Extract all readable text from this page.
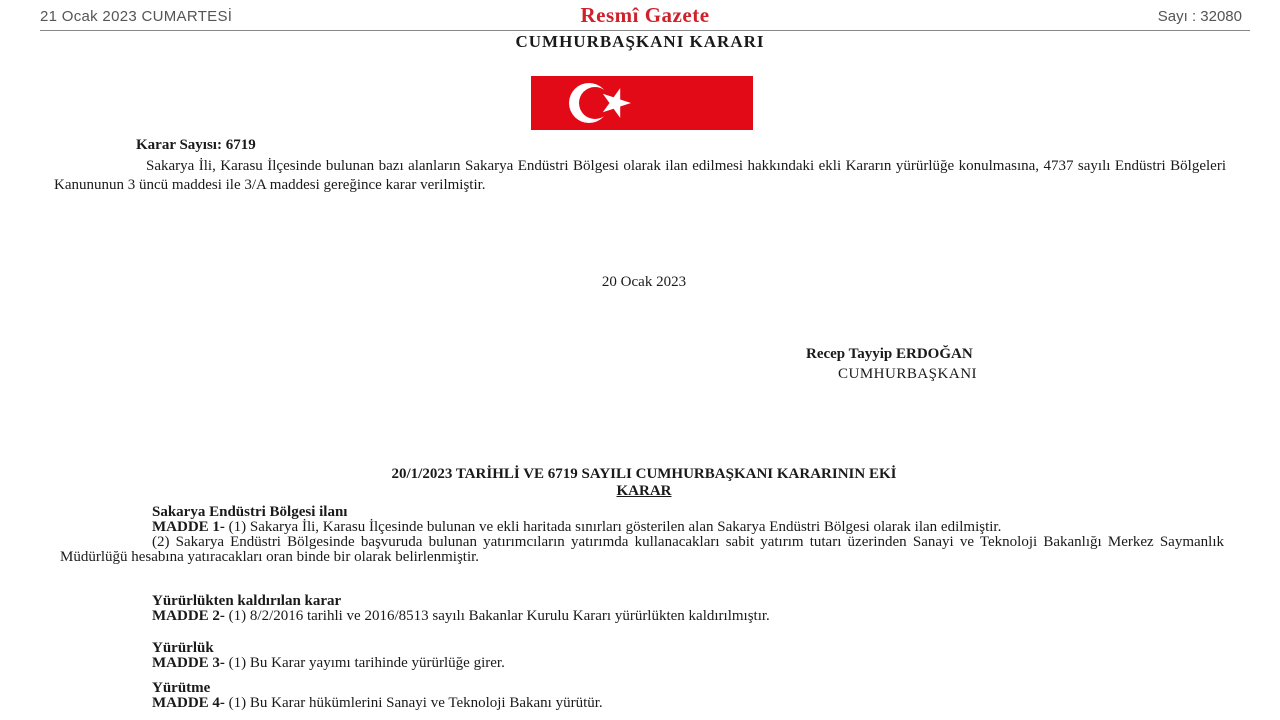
21 Ocak 2023 CUMARTESİ	Resmî Gazete	Sayı : 32080
CUMHURBAŞKANI KARARI
Karar Sayısı: 6719
Sakarya İli, Karasu İlçesinde bulunan bazı alanların Sakarya Endüstri Bölgesi olarak ilan edilmesi hakkındaki ekli Kararın yürürlüğe konulmasına, 4737 sayılı Endüstri Bölgeleri Kanununun 3 üncü maddesi ile 3/A maddesi gereğince karar verilmiştir.
20 Ocak 2023
Recep Tayyip ERDOĞAN
CUMHURBAŞKANI
20/1/2023 TARİHLİ VE 6719 SAYILI CUMHURBAŞKANI KARARININ EKİ
KARAR
Sakarya Endüstri Bölgesi ilanı

MADDE 1- (1) Sakarya İli, Karasu İlçesinde bulunan ve ekli haritada sınırları gösterilen alan Sakarya Endüstri Bölgesi olarak ilan edilmiştir.

(2) Sakarya Endüstri Bölgesinde başvuruda bulunan yatırımcıların yatırımda kullanacakları sabit yatırım tutarı üzerinden Sanayi ve Teknoloji Bakanlığı Merkez Saymanlık Müdürlüğü hesabına yatıracakları oran binde bir olarak belirlenmiştir.

Yürürlükten kaldırılan karar

MADDE 2- (1) 8/2/2016 tarihli ve 2016/8513 sayılı Bakanlar Kurulu Kararı yürürlükten kaldırılmıştır.

Yürürlük

MADDE 3- (1) Bu Karar yayımı tarihinde yürürlüğe girer.

Yürütme

MADDE 4- (1) Bu Karar hükümlerini Sanayi ve Teknoloji Bakanı yürütür.
